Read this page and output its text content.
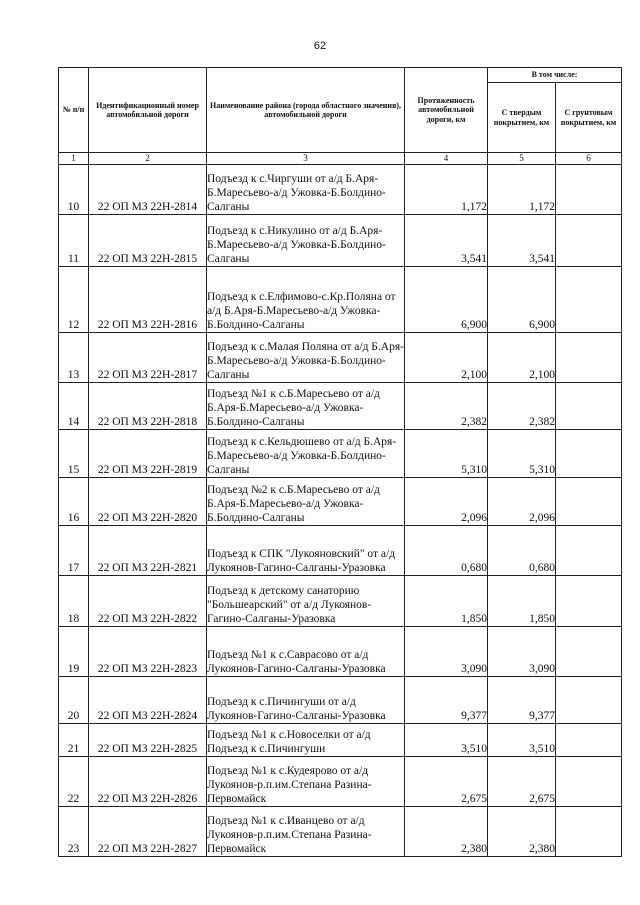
62
№ п/п	Идентификационный номер автомобильной дороги	Наименование района (города областного значения), автомобильной дороги	Протяженность автомобильной дороги, км	В том числе:	
				С твердым покрытием, км	С грунтовым покрытием, км
1	2	3	4	5	6
10	22 ОП МЗ 22Н-2814	Подъезд к с.Чиргуши от а/д Б.Аря-Б.Маресьево-а/д Ужовка-Б.Болдино-Салганы	1,172	1,172	
11	22 ОП МЗ 22Н-2815	Подъезд к с.Никулино от а/д Б.Аря-Б.Маресьево-а/д Ужовка-Б.Болдино-Салганы	3,541	3,541	
12	22 ОП МЗ 22Н-2816	Подъезд к с.Елфимово-с.Кр.Поляна от а/д Б.Аря-Б.Маресьево-а/д Ужовка-Б.Болдино-Салганы	6,900	6,900	
13	22 ОП МЗ 22Н-2817	Подъезд к с.Малая Поляна от а/д Б.Аря-Б.Маресьево-а/д Ужовка-Б.Болдино-Салганы	2,100	2,100	
14	22 ОП МЗ 22Н-2818	Подъезд №1 к с.Б.Маресьево от а/д Б.Аря-Б.Маресьево-а/д Ужовка-Б.Болдино-Салганы	2,382	2,382	
15	22 ОП МЗ 22Н-2819	Подъезд к с.Кельдюшево от а/д Б.Аря-Б.Маресьево-а/д Ужовка-Б.Болдино-Салганы	5,310	5,310	
16	22 ОП МЗ 22Н-2820	Подъезд №2 к с.Б.Маресьево от а/д Б.Аря-Б.Маресьево-а/д Ужовка-Б.Болдино-Салганы	2,096	2,096	
17	22 ОП МЗ 22Н-2821	Подъезд к СПК "Лукояновский" от а/д Лукоянов-Гагино-Салганы-Уразовка	0,680	0,680	
18	22 ОП МЗ 22Н-2822	Подъезд к детскому санаторию "Большеарский" от а/д Лукоянов-Гагино-Салганы-Уразовка	1,850	1,850	
19	22 ОП МЗ 22Н-2823	Подъезд №1 к с.Саврасово от а/д Лукоянов-Гагино-Салганы-Уразовка	3,090	3,090	
20	22 ОП МЗ 22Н-2824	Подъезд к с.Пичингуши от а/д Лукоянов-Гагино-Салганы-Уразовка	9,377	9,377	
21	22 ОП МЗ 22Н-2825	Подъезд №1 к с.Новоселки от а/д Подъезд к с.Пичингуши	3,510	3,510	
22	22 ОП МЗ 22Н-2826	Подъезд №1 к с.Кудеярово от а/д Лукоянов-р.п.им.Степана Разина-Первомайск	2,675	2,675	
23	22 ОП МЗ 22Н-2827	Подъезд №1 к с.Иванцево от а/д Лукоянов-р.п.им.Степана Разина-Первомайск	2,380	2,380	
